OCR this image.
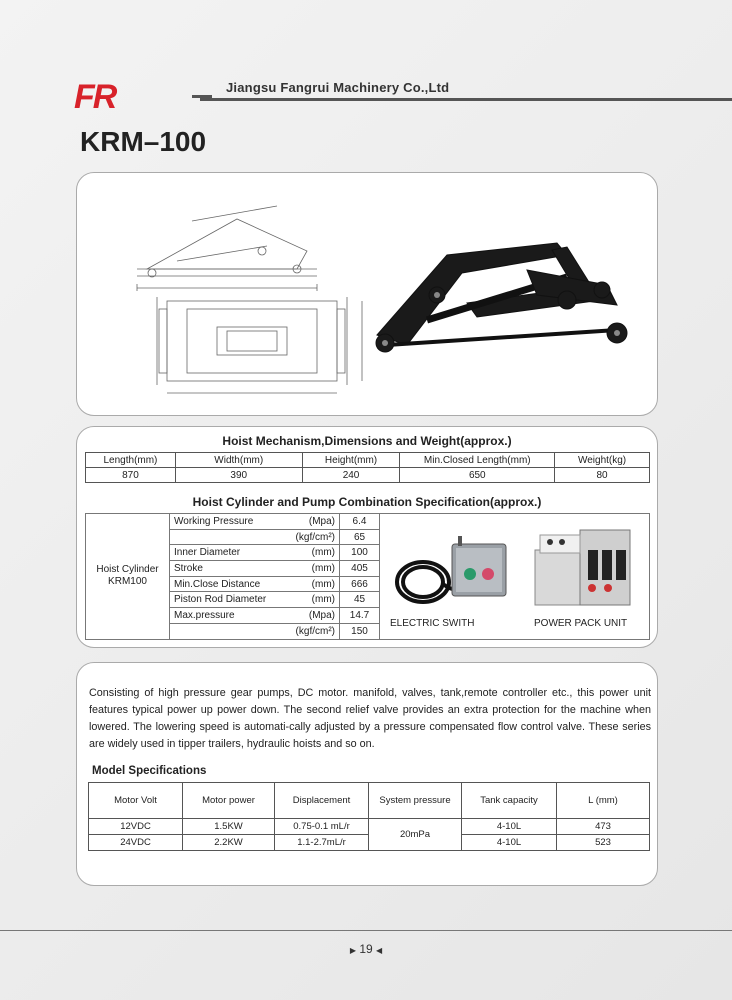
FR	Jiangsu Fangrui Machinery Co.,Ltd
KRM–100
Hoist Mechanism,Dimensions and Weight(approx.)
Length(mm)	Width(mm)	Height(mm)	Min.Closed Length(mm)	Weight(kg)
870	390	240	650	80
Hoist Cylinder and Pump Combination Specification(approx.)
Hoist Cylinder KRM100	Working Pressure	(Mpa)	6.4
		(kgf/cm²)	65
	Inner Diameter	(mm)	100
	Stroke	(mm)	405
	Min.Close Distance	(mm)	666
	Piston Rod Diameter	(mm)	45
	Max.pressure	(Mpa)	14.7
		(kgf/cm²)	150
ELECTRIC SWITH	POWER PACK UNIT
Consisting of high pressure gear pumps, DC motor. manifold, valves, tank,remote controller etc., this power unit features typical power up power down. The second relief valve provides an extra protection for the machine when lowered. The lowering speed is automati-cally adjusted by a pressure compensated flow control valve. These series are widely used in tipper trailers, hydraulic hoists and so on.
Model Specifications
Motor Volt	Motor power	Displacement	System pressure	Tank capacity	L (mm)
12VDC	1.5KW	0.75-0.1 mL/r	20mPa	4-10L	473
24VDC	2.2KW	1.1-2.7mL/r		4-10L	523
▶ 19 ◀
